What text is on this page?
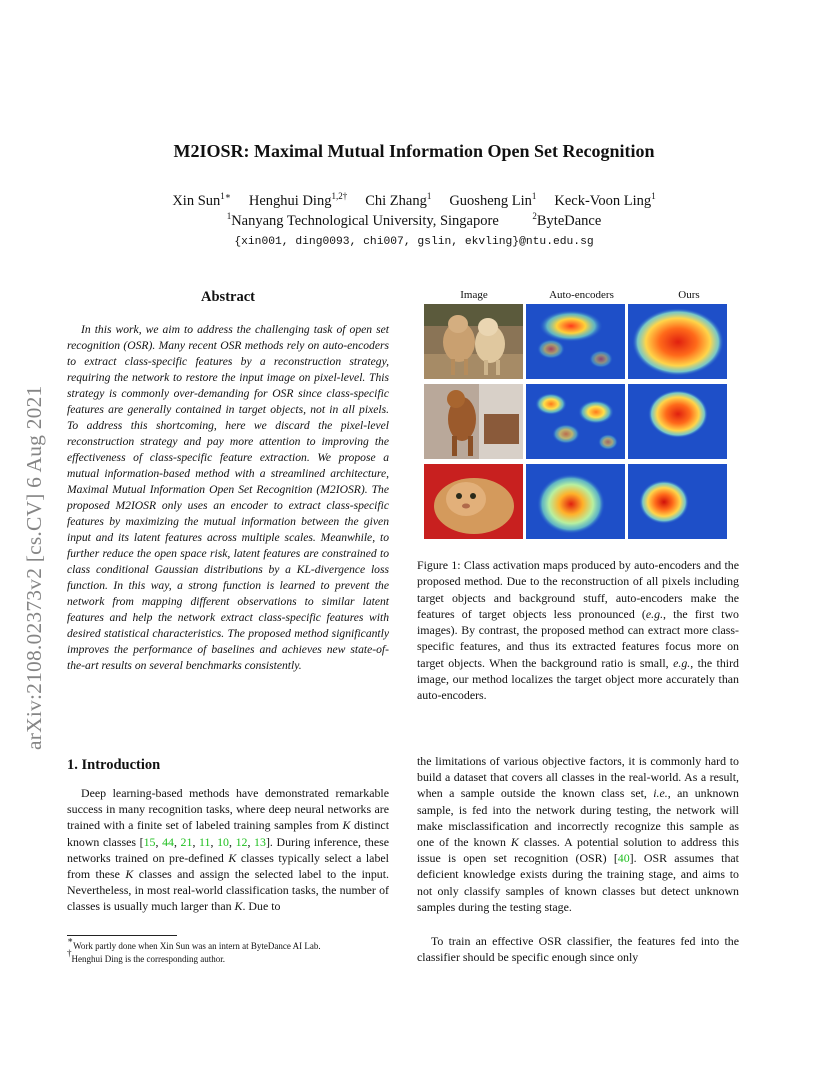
M2IOSR: Maximal Mutual Information Open Set Recognition
Xin Sun$^{1∗}$ Henghui Ding$^{1,2\dagger}$ Chi Zhang$^1$ Guosheng Lin$^1$ Keck-Voon Ling$^1$
$^1$Nanyang Technological University, Singapore	$^2$ByteDance
{xin001, ding0093, chi007, gslin, ekvling}@ntu.edu.sg
arXiv:2108.02373v2 [cs.CV] 6 Aug 2021
Abstract
In this work, we aim to address the challenging task of open set recognition (OSR). Many recent OSR methods rely on auto-encoders to extract class-specific features by a reconstruction strategy, requiring the network to restore the input image on pixel-level. This strategy is commonly over-demanding for OSR since class-specific features are generally contained in target objects, not in all pixels. To address this shortcoming, here we discard the pixel-level reconstruction strategy and pay more attention to improving the effectiveness of class-specific feature extraction. We propose a mutual information-based method with a streamlined architecture, Maximal Mutual Information Open Set Recognition (M2IOSR). The proposed M2IOSR only uses an encoder to extract class-specific features by maximizing the mutual information between the given input and its latent features across multiple scales. Meanwhile, to further reduce the open space risk, latent features are constrained to class conditional Gaussian distributions by a KL-divergence loss function. In this way, a strong function is learned to prevent the network from mapping different observations to similar latent features and help the network extract class-specific features with desired statistical characteristics. The proposed method significantly improves the performance of baselines and achieves new state-of-the-art results on several benchmarks consistently.
Image	Auto-encoders	Ours
Figure 1: Class activation maps produced by auto-encoders and the proposed method. Due to the reconstruction of all pixels including target objects and background stuff, auto-encoders make the features of target objects less pronounced (e.g., the first two images). By contrast, the proposed method can extract more class-specific features, and thus its extracted features focus more on target objects. When the background ratio is small, e.g., the third image, our method localizes the target object more accurately than auto-encoders.
1. Introduction
Deep learning-based methods have demonstrated remarkable success in many recognition tasks, where deep neural networks are trained with a finite set of labeled training samples from K distinct known classes [15, 44, 21, 11, 10, 12, 13]. During inference, these networks trained on pre-defined K classes typically select a label from these K classes and assign the selected label to the input. Nevertheless, in most real-world classification tasks, the number of classes is usually much larger than K. Due to
∗Work partly done when Xin Sun was an intern at ByteDance AI Lab.
†Henghui Ding is the corresponding author.
the limitations of various objective factors, it is commonly hard to build a dataset that covers all classes in the real-world. As a result, when a sample outside the known class set, i.e., an unknown sample, is fed into the network during testing, the network will make misclassification and incorrectly recognize this sample as one of the known K classes. A potential solution to address this issue is open set recognition (OSR) [40]. OSR assumes that deficient knowledge exists during the training stage, and aims to not only classify samples of known classes but detect unknown samples during the testing stage.
To train an effective OSR classifier, the features fed into the classifier should be specific enough since only
